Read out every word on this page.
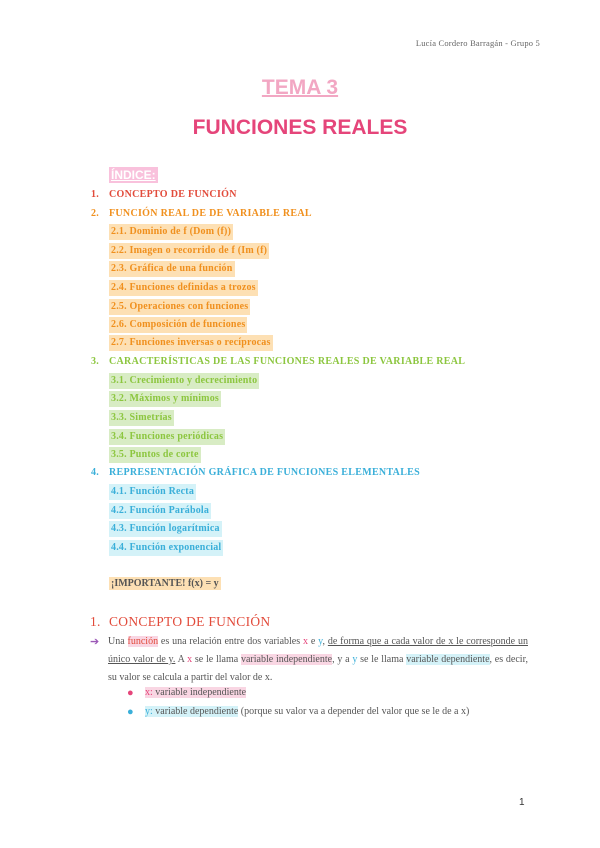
Lucía Cordero Barragán - Grupo 5
TEMA 3
FUNCIONES REALES
ÍNDICE:
1. CONCEPTO DE FUNCIÓN
2. FUNCIÓN REAL DE DE VARIABLE REAL
2.1. Dominio de f (Dom (f))
2.2. Imagen o recorrido de f (Im (f)
2.3. Gráfica de una función
2.4. Funciones definidas a trozos
2.5. Operaciones con funciones
2.6. Composición de funciones
2.7. Funciones inversas o recíprocas
3. CARACTERÍSTICAS DE LAS FUNCIONES REALES DE VARIABLE REAL
3.1. Crecimiento y decrecimiento
3.2. Máximos y mínimos
3.3. Simetrías
3.4. Funciones periódicas
3.5. Puntos de corte
4. REPRESENTACIÓN GRÁFICA DE FUNCIONES ELEMENTALES
4.1. Función Recta
4.2. Función Parábola
4.3. Función logarítmica
4.4. Función exponencial
¡IMPORTANTE! f(x) = y
1. CONCEPTO DE FUNCIÓN
➔ Una función es una relación entre dos variables x e y, de forma que a cada valor de x le corresponde un único valor de y. A x se le llama variable independiente, y a y se le llama variable dependiente, es decir, su valor se calcula a partir del valor de x.
● x: variable independiente
● y: variable dependiente (porque su valor va a depender del valor que se le de a x)
1
